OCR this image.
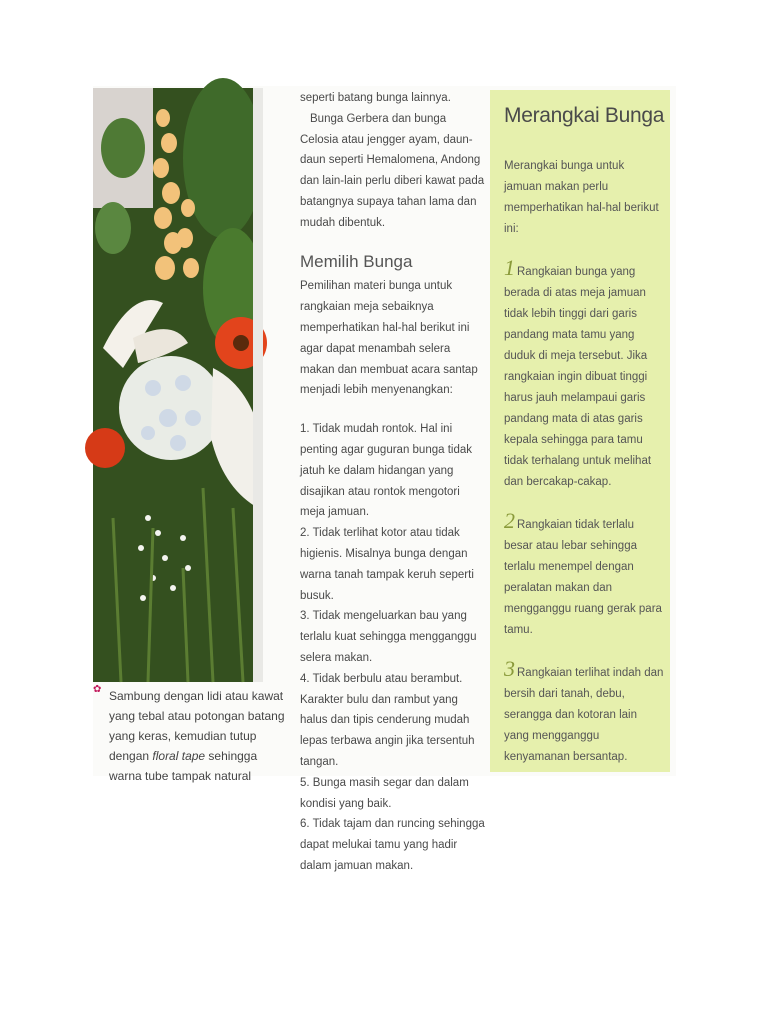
✿ Sambung dengan lidi atau kawat yang tebal atau potongan batang yang keras, kemudian tutup dengan floral tape sehingga warna tube tampak natural

seperti batang bunga lainnya.

Bunga Gerbera dan bunga Celosia atau jengger ayam, daun-daun seperti Hemalomena, Andong dan lain-lain perlu diberi kawat pada batangnya supaya tahan lama dan mudah dibentuk.

Memilih Bunga

Pemilihan materi bunga untuk rangkaian meja sebaiknya memperhatikan hal-hal berikut ini agar dapat menambah selera makan dan membuat acara santap menjadi lebih menyenangkan:

1. Tidak mudah rontok. Hal ini penting agar guguran bunga tidak jatuh ke dalam hidangan yang disajikan atau rontok mengotori meja jamuan.
2. Tidak terlihat kotor atau tidak higienis. Misalnya bunga dengan warna tanah tampak keruh seperti busuk.
3. Tidak mengeluarkan bau yang terlalu kuat sehingga mengganggu selera makan.
4. Tidak berbulu atau berambut. Karakter bulu dan rambut yang halus dan tipis cenderung mudah lepas terbawa angin jika tersentuh tangan.
5. Bunga masih segar dan dalam kondisi yang baik.
6. Tidak tajam dan runcing sehingga dapat melukai tamu yang hadir dalam jamuan makan.
Merangkai Bunga

Merangkai bunga untuk jamuan makan perlu memperhatikan hal-hal berikut ini:

1 Rangkaian bunga yang berada di atas meja jamuan tidak lebih tinggi dari garis pandang mata tamu yang duduk di meja tersebut. Jika rangkaian ingin dibuat tinggi harus jauh melampaui garis pandang mata di atas garis kepala sehingga para tamu tidak terhalang untuk melihat dan bercakap-cakap.
2 Rangkaian tidak terlalu besar atau lebar sehingga terlalu menempel dengan peralatan makan dan mengganggu ruang gerak para tamu.
3 Rangkaian terlihat indah dan bersih dari tanah, debu, serangga dan kotoran lain yang mengganggu kenyamanan bersantap.
